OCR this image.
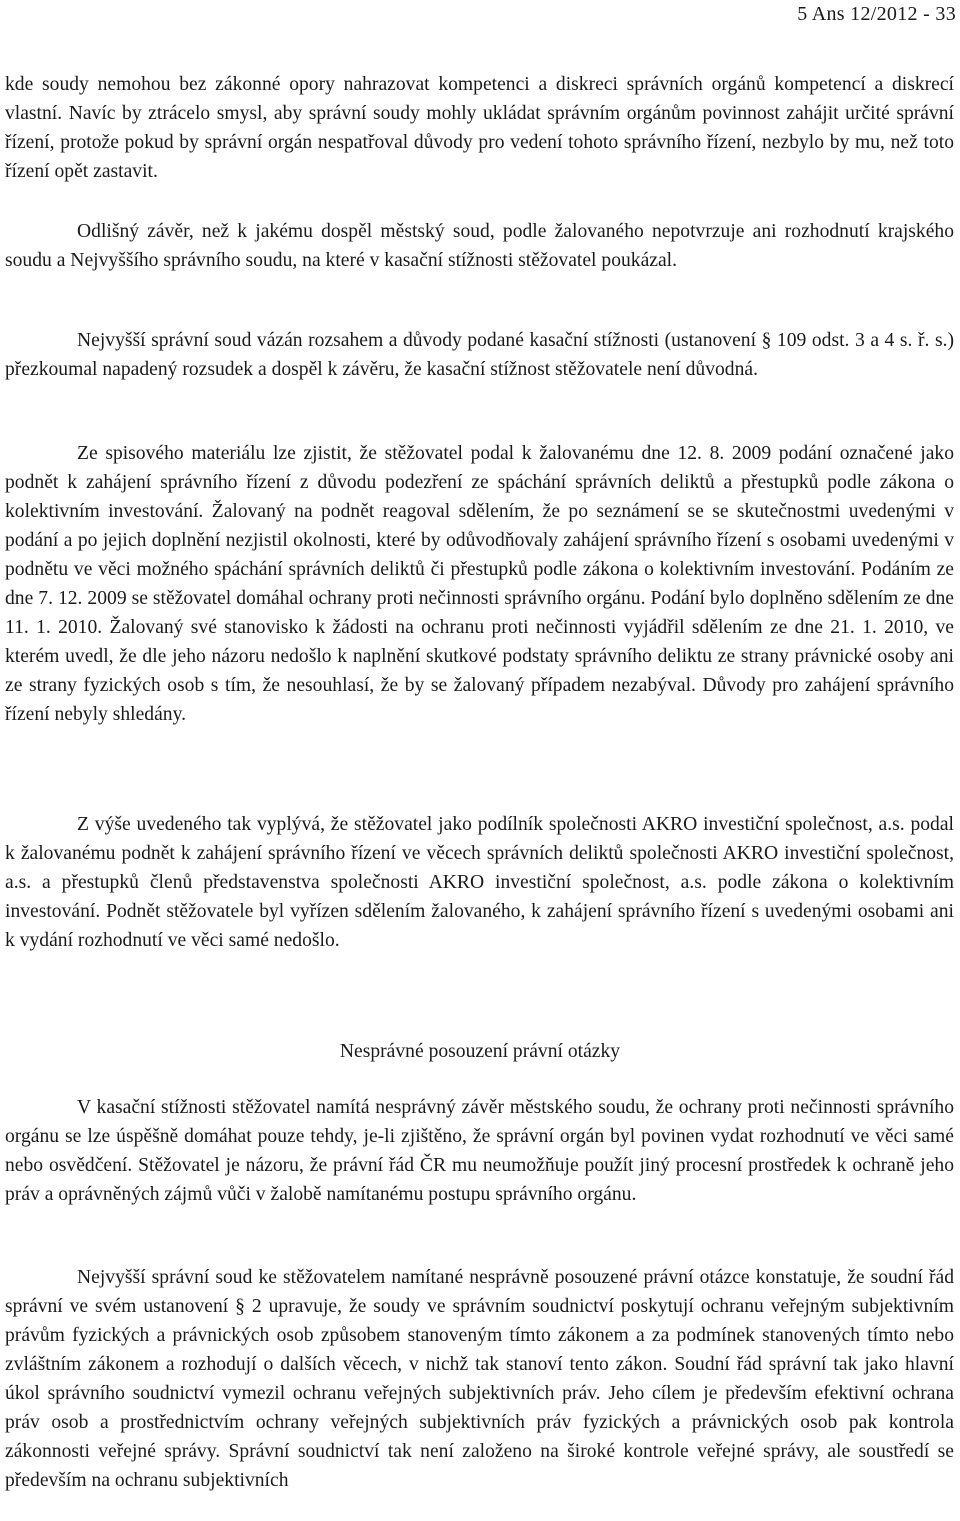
5 Ans 12/2012 - 33

kde soudy nemohou bez zákonné opory nahrazovat kompetenci a diskreci správních orgánů kompetencí a diskrecí vlastní. Navíc by ztrácelo smysl, aby správní soudy mohly ukládat správním orgánům povinnost zahájit určité správní řízení, protože pokud by správní orgán nespatřoval důvody pro vedení tohoto správního řízení, nezbylo by mu, než toto řízení opět zastavit.

Odlišný závěr, než k jakému dospěl městský soud, podle žalovaného nepotvrzuje ani rozhodnutí krajského soudu a Nejvyššího správního soudu, na které v kasační stížnosti stěžovatel poukázal.

Nejvyšší správní soud vázán rozsahem a důvody podané kasační stížnosti (ustanovení § 109 odst. 3 a 4 s. ř. s.) přezkoumal napadený rozsudek a dospěl k závěru, že kasační stížnost stěžovatele není důvodná.

Ze spisového materiálu lze zjistit, že stěžovatel podal k žalovanému dne 12. 8. 2009 podání označené jako podnět k zahájení správního řízení z důvodu podezření ze spáchání správních deliktů a přestupků podle zákona o kolektivním investování. Žalovaný na podnět reagoval sdělením, že po seznámení se se skutečnostmi uvedenými v podání a po jejich doplnění nezjistil okolnosti, které by odůvodňovaly zahájení správního řízení s osobami uvedenými v podnětu ve věci možného spáchání správních deliktů či přestupků podle zákona o kolektivním investování. Podáním ze dne 7. 12. 2009 se stěžovatel domáhal ochrany proti nečinnosti správního orgánu. Podání bylo doplněno sdělením ze dne 11. 1. 2010. Žalovaný své stanovisko k žádosti na ochranu proti nečinnosti vyjádřil sdělením ze dne 21. 1. 2010, ve kterém uvedl, že dle jeho názoru nedošlo k naplnění skutkové podstaty správního deliktu ze strany právnické osoby ani ze strany fyzických osob s tím, že nesouhlasí, že by se žalovaný případem nezabýval. Důvody pro zahájení správního řízení nebyly shledány.

Z výše uvedeného tak vyplývá, že stěžovatel jako podílník společnosti AKRO investiční společnost, a.s. podal k žalovanému podnět k zahájení správního řízení ve věcech správních deliktů společnosti AKRO investiční společnost, a.s. a přestupků členů představenstva společnosti AKRO investiční společnost, a.s. podle zákona o kolektivním investování. Podnět stěžovatele byl vyřízen sdělením žalovaného, k zahájení správního řízení s uvedenými osobami ani k vydání rozhodnutí ve věci samé nedošlo.

Nesprávné posouzení právní otázky

V kasační stížnosti stěžovatel namítá nesprávný závěr městského soudu, že ochrany proti nečinnosti správního orgánu se lze úspěšně domáhat pouze tehdy, je-li zjištěno, že správní orgán byl povinen vydat rozhodnutí ve věci samé nebo osvědčení. Stěžovatel je názoru, že právní řád ČR mu neumožňuje použít jiný procesní prostředek k ochraně jeho práv a oprávněných zájmů vůči v žalobě namítanému postupu správního orgánu.

Nejvyšší správní soud ke stěžovatelem namítané nesprávně posouzené právní otázce konstatuje, že soudní řád správní ve svém ustanovení § 2 upravuje, že soudy ve správním soudnictví poskytují ochranu veřejným subjektivním právům fyzických a právnických osob způsobem stanoveným tímto zákonem a za podmínek stanovených tímto nebo zvláštním zákonem a rozhodují o dalších věcech, v nichž tak stanoví tento zákon. Soudní řád správní tak jako hlavní úkol správního soudnictví vymezil ochranu veřejných subjektivních práv. Jeho cílem je především efektivní ochrana práv osob a prostřednictvím ochrany veřejných subjektivních práv fyzických a právnických osob pak kontrola zákonnosti veřejné správy. Správní soudnictví tak není založeno na široké kontrole veřejné správy, ale soustředí se především na ochranu subjektivních
